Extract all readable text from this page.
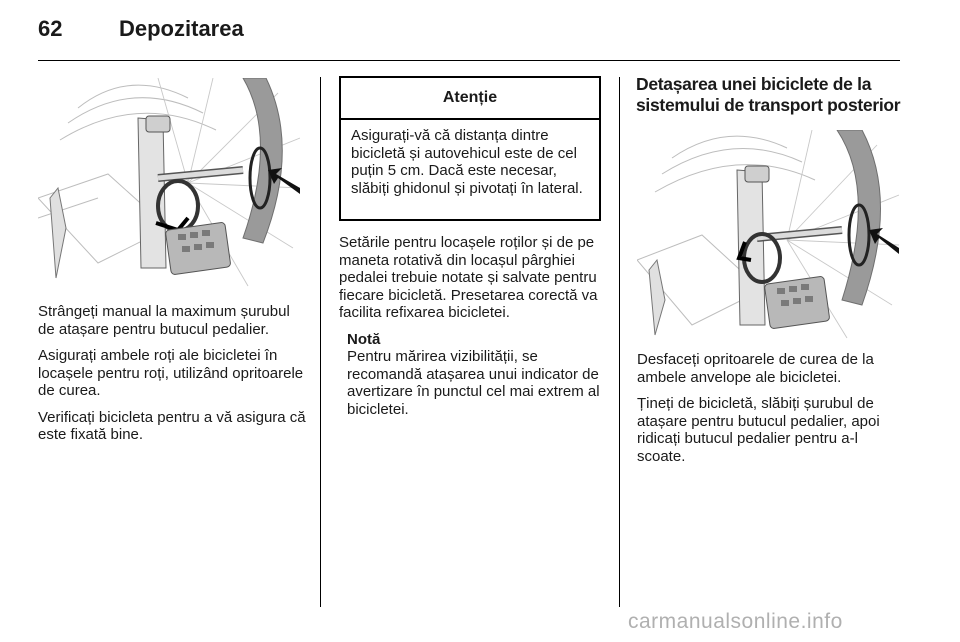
62	Depozitarea

Strângeți manual la maximum șurubul de atașare pentru butucul pedalier.

Asigurați ambele roți ale bicicletei în locașele pentru roți, utilizând opritoarele de curea.

Verificați bicicleta pentru a vă asigura că este fixată bine.

Atenție
Asigurați-vă că distanța dintre bicicletă și autovehicul este de cel puțin 5 cm. Dacă este necesar, slăbiți ghidonul și pivotați în lateral.

Setările pentru locașele roților și de pe maneta rotativă din locașul pârghiei pedalei trebuie notate și salvate pentru fiecare bicicletă. Presetarea corectă va facilita refixarea bicicletei.

Notă
Pentru mărirea vizibilității, se recomandă atașarea unui indicator de avertizare în punctul cel mai extrem al bicicletei.
Detașarea unei biciclete de la sistemului de transport posterior

Desfaceți opritoarele de curea de la ambele anvelope ale bicicletei.

Țineți de bicicletă, slăbiți șurubul de atașare pentru butucul pedalier, apoi ridicați butucul pedalier pentru a-l scoate.

carmanualsonline.info
